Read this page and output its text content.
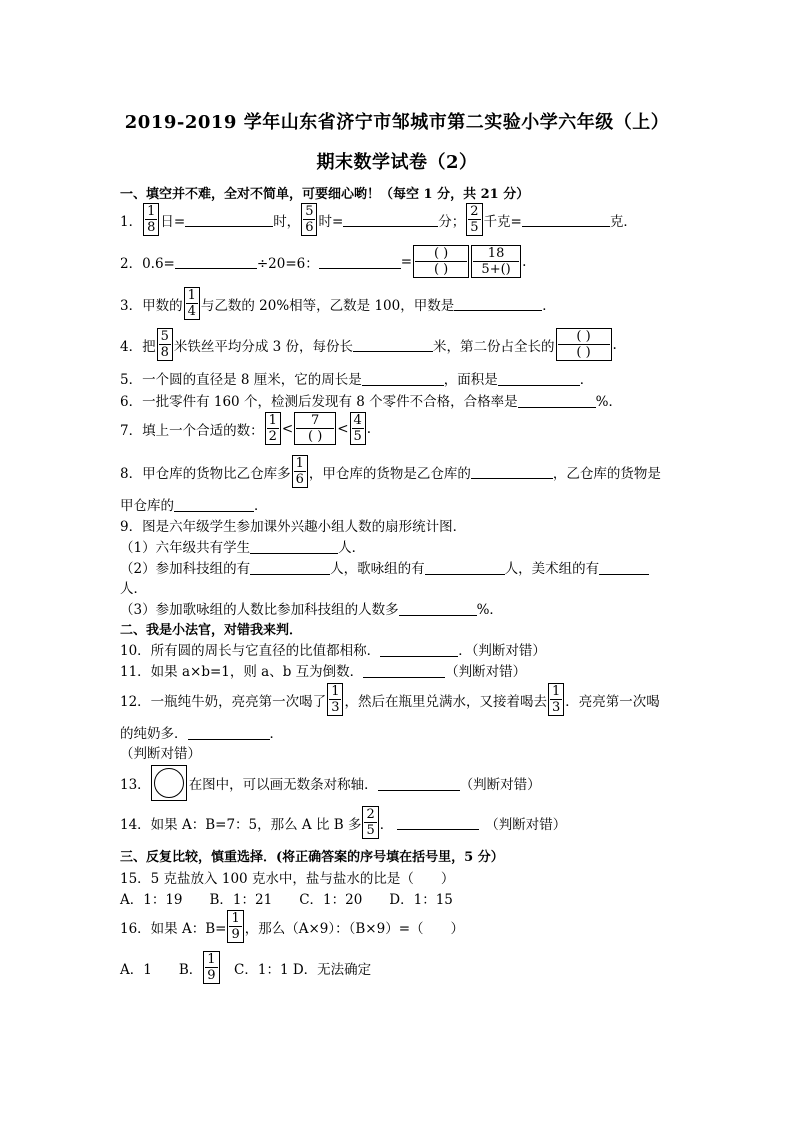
2019-2019 学年山东省济宁市邹城市第二实验小学六年级（上）
期末数学试卷（2）
一、填空并不难，全对不简单，可要细心哟！（每空 1 分，共 21 分）
1． $\frac{1}{8}$ 日=	时， $\frac{5}{6}$ 时=	分； $\frac{2}{5}$ 千克=	克．
2．0.6=	÷20=6：	= $\frac{( )}{( )} \frac{18}{5+()}$ .
3．甲数的 $\frac{1}{4}$ 与乙数的 20%相等，乙数是 100，甲数是	．
4．把 $\frac{5}{8}$ 米铁丝平均分成 3 份，每份长	米，第二份占全长的 $\frac{( )}{( )}$ .
5．一个圆的直径是 8 厘米，它的周长是	，面积是	．
6．一批零件有 160 个，检测后发现有 8 个零件不合格，合格率是	%．
7．填上一个合适的数： $\frac{1}{2} < \frac{7}{( )} < \frac{4}{5}$ .
8．甲仓库的货物比乙仓库多 $\frac{1}{6}$ ，甲仓库的货物是乙仓库的	，乙仓库的货物是
甲仓库的	．
9．图是六年级学生参加课外兴趣小组人数的扇形统计图．
（1）六年级共有学生	人．
（2）参加科技组的有	人，歌咏组的有	人，美术组的有
人．
（3）参加歌咏组的人数比参加科技组的人数多	%．
二、我是小法官，对错我来判．
10．所有圆的周长与它直径的比值都相称．	．（判断对错）
11．如果 a×b=1，则 a、b 互为倒数．	（判断对错）
12．一瓶纯牛奶，亮亮第一次喝了 $\frac{1}{3}$ ，然后在瓶里兑满水，又接着喝去 $\frac{1}{3}$ ．亮亮第一次喝
的纯奶多．	．
（判断对错）
13．	在图中，可以画无数条对称轴．	（判断对错）
14．如果 A：B=7：5，那么 A 比 B 多 $\frac{2}{5}$ ．	（判断对错）
三、反复比较，慎重选择．(将正确答案的序号填在括号里，5 分）
15．5 克盐放入 100 克水中，盐与盐水的比是（　　）
A．1：19　　B．1：21　　C．1：20　　D．1：15
16．如果 A：$B= \frac{1}{9}$ ，那么（A×9）：（B×9）=（　　）
A．1　　B． $\frac{1}{9}$ 　C．1：1 D．无法确定
